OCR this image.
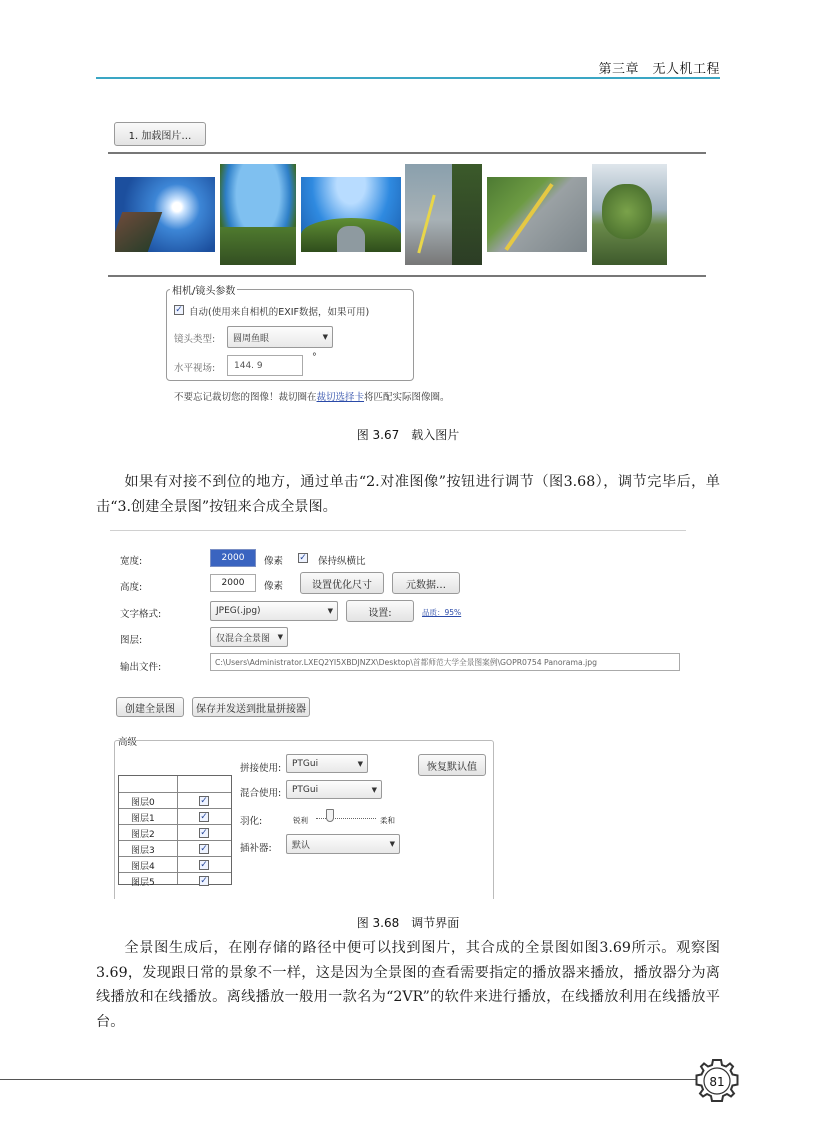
第三章　无人机工程
1. 加载图片…
相机/镜头参数
✓ 自动(使用来自相机的EXIF数据，如果可用)
镜头类型: 圆周鱼眼	▼
水平视场:	144. 9
°
不要忘记裁切您的图像！裁切圈在裁切选择卡将匹配实际图像圈。
图 3.67　载入图片

如果有对接不到位的地方，通过单击“2.对准图像”按钮进行调节（图3.68），调节完毕后，单击“3.创建全景图”按钮来合成全景图。

宽度:	2000	像素 ✓ 保持纵横比
高度:	2000	像素	设置优化尺寸	元数据…
文字格式:	JPEG(.jpg)	▼	设置:	品质：95%
图层:	仅混合全景图 ▼
输出文件:	C:\Users\Administrator.LXEQ2YI5XBDJNZX\Desktop\首都师范大学全景图案例\GOPR0754 Panorama.jpg
创建全景图	保存并发送到批量拼接器
高级
图层0	✓
图层1	✓
图层2	✓
图层3	✓
图层4	✓
图层5	✓
拼接使用: PTGui	▼
混合使用: PTGui	▼
羽化:	锐利	柔和
插补器: 默认	▼
恢复默认值
图 3.68　调节界面

全景图生成后，在刚存储的路径中便可以找到图片，其合成的全景图如图3.69所示。观察图3.69，发现跟日常的景象不一样，这是因为全景图的查看需要指定的播放器来播放，播放器分为离线播放和在线播放。离线播放一般用一款名为“2VR”的软件来进行播放，在线播放利用在线播放平台。

81
